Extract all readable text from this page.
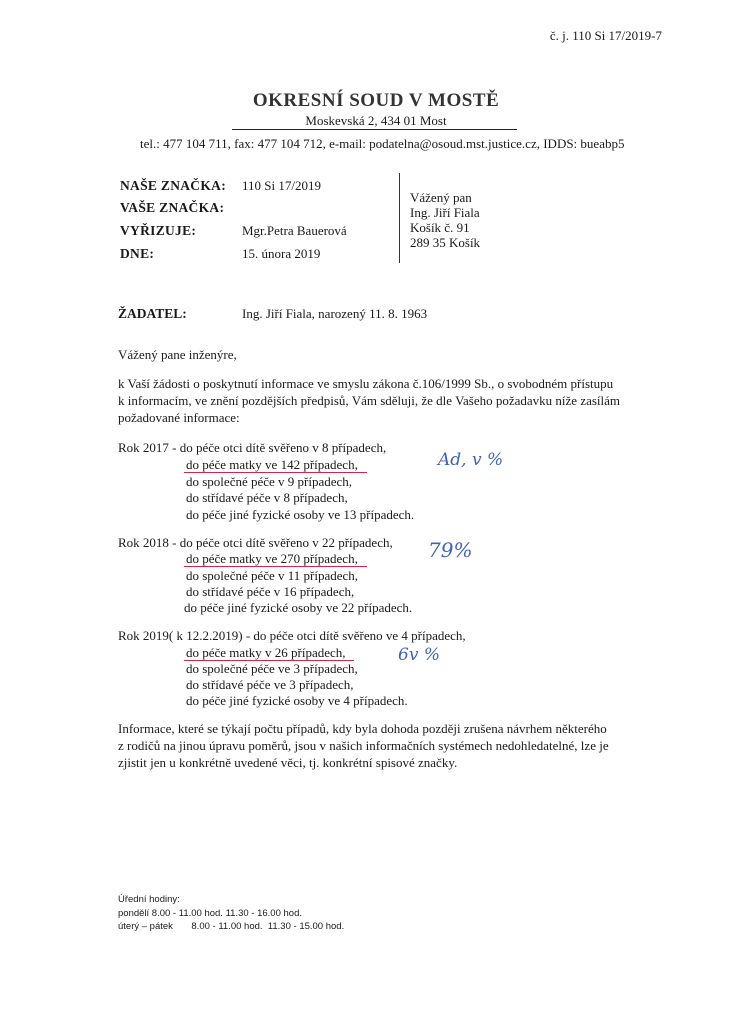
č. j. 110 Si 17/2019-7
OKRESNÍ SOUD V MOSTĚ
Moskevská 2, 434 01 Most
tel.: 477 104 711, fax: 477 104 712, e-mail: podatelna@osoud.mst.justice.cz, IDDS: bueabp5
NAŠE ZNAČKA: 110 Si 17/2019
VAŠE ZNAČKA:
VYŘIZUJE:	Mgr.Petra Bauerová
DNE:	15. února 2019
Vážený pan
Ing. Jiří Fiala
Košík č. 91
289 35 Košík
ŽADATEL:	Ing. Jiří Fiala, narozený 11. 8. 1963
Vážený pane inženýre,
k Vaší žádosti o poskytnutí informace ve smyslu zákona č.106/1999 Sb., o svobodném přístupu
k informacím, ve znění pozdějších předpisů, Vám sděluji, že dle Vašeho požadavku níže zasílám
požadované informace:
Rok 2017 - do péče otci dítě svěřeno v 8 případech,
do péče matky ve 142 případech,
do společné péče v 9 případech,
do střídavé péče v 8 případech,
do péče jiné fyzické osoby ve 13 případech.
Ad, v %
Rok 2018 - do péče otci dítě svěřeno v 22 případech,
do péče matky ve 270 případech,
do společné péče v 11 případech,
do střídavé péče v 16 případech,
do péče jiné fyzické osoby ve 22 případech.
79%
Rok 2019( k 12.2.2019) - do péče otci dítě svěřeno ve 4 případech,
do péče matky v 26 případech,
do společné péče ve 3 případech,
do střídavé péče ve 3 případech,
do péče jiné fyzické osoby ve 4 případech.
6v %
Informace, které se týkají počtu případů, kdy byla dohoda později zrušena návrhem některého
z rodičů na jinou úpravu poměrů, jsou v našich informačních systémech nedohledatelné, lze je
zjistit jen u konkrétně uvedené věci, tj. konkrétní spisové značky.
Úřední hodiny:
pondělí 8.00 - 11.00 hod. 11.30 - 16.00 hod.
úterý – pátek       8.00 - 11.00 hod.  11.30 - 15.00 hod.
